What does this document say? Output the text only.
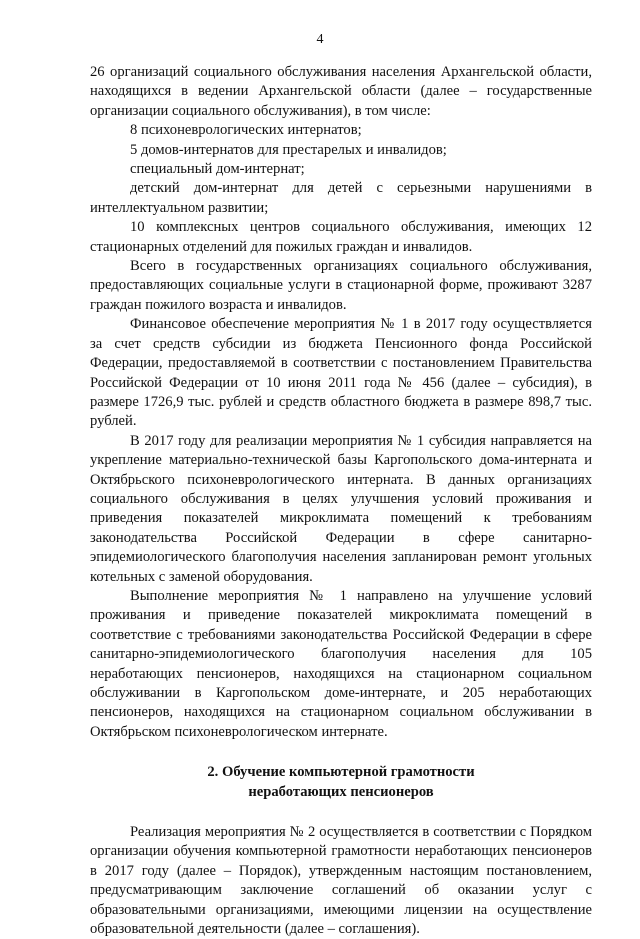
4

26 организаций социального обслуживания населения Архангельской области, находящихся в ведении Архангельской области (далее – государственные организации социального обслуживания), в том числе:

8 психоневрологических интернатов;

5 домов-интернатов для престарелых и инвалидов;

специальный дом-интернат;

детский дом-интернат для детей с серьезными нарушениями в интеллектуальном развитии;

10 комплексных центров социального обслуживания, имеющих 12 стационарных отделений для пожилых граждан и инвалидов.

Всего в государственных организациях социального обслуживания, предоставляющих социальные услуги в стационарной форме, проживают 3287 граждан пожилого возраста и инвалидов.

Финансовое обеспечение мероприятия № 1 в 2017 году осуществляется за счет средств субсидии из бюджета Пенсионного фонда Российской Федерации, предоставляемой в соответствии с постановлением Правительства Российской Федерации от 10 июня 2011 года № 456 (далее – субсидия), в размере 1726,9 тыс. рублей и средств областного бюджета в размере 898,7 тыс. рублей.

В 2017 году для реализации мероприятия № 1 субсидия направляется на укрепление материально-технической базы Каргопольского дома-интерната и Октябрьского психоневрологического интерната. В данных организациях социального обслуживания в целях улучшения условий проживания и приведения показателей микроклимата помещений к требованиям законодательства Российской Федерации в сфере санитарно-эпидемиологического благополучия населения запланирован ремонт угольных котельных с заменой оборудования.

Выполнение мероприятия № 1 направлено на улучшение условий проживания и приведение показателей микроклимата помещений в соответствие с требованиями законодательства Российской Федерации в сфере санитарно-эпидемиологического благополучия населения для 105 неработающих пенсионеров, находящихся на стационарном социальном обслуживании в Каргопольском доме-интернате, и 205 неработающих пенсионеров, находящихся на стационарном социальном обслуживании в Октябрьском психоневрологическом интернате.

2. Обучение компьютерной грамотности
неработающих пенсионеров

Реализация мероприятия № 2 осуществляется в соответствии с Порядком организации обучения компьютерной грамотности неработающих пенсионеров в 2017 году (далее – Порядок), утвержденным настоящим постановлением, предусматривающим заключение соглашений об оказании услуг с образовательными организациями, имеющими лицензии на осуществление образовательной деятельности (далее – соглашения).
